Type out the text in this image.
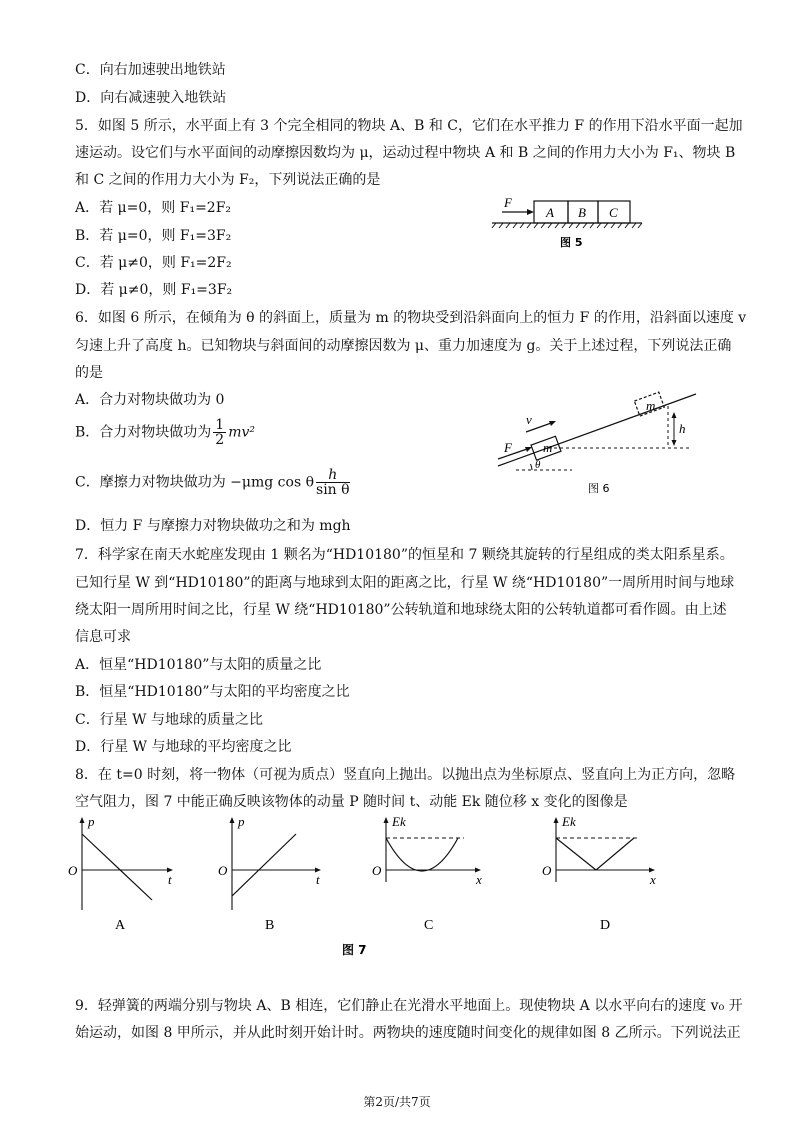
C．向右加速驶出地铁站
D．向右减速驶入地铁站
5．如图 5 所示，水平面上有 3 个完全相同的物块 A、B 和 C，它们在水平推力 F 的作用下沿水平面一起加
速运动。设它们与水平面间的动摩擦因数均为 μ，运动过程中物块 A 和 B 之间的作用力大小为 F₁、物块 B
和 C 之间的作用力大小为 F₂，下列说法正确的是
A．若 μ=0，则 F₁=2F₂
B．若 μ=0，则 F₁=3F₂
C．若 μ≠0，则 F₁=2F₂
D．若 μ≠0，则 F₁=3F₂
6．如图 6 所示，在倾角为 θ 的斜面上，质量为 m 的物块受到沿斜面向上的恒力 F 的作用，沿斜面以速度 v
匀速上升了高度 h。已知物块与斜面间的动摩擦因数为 μ、重力加速度为 g。关于上述过程，下列说法正确
的是
A．合力对物块做功为 0
B．合力对物块做功为 $\frac{1}{2} mv^2$
C．摩擦力对物块做功为 −μmg cos θ $\frac{h}{\text{sin θ}}$
D．恒力 F 与摩擦力对物块做功之和为 mgh
7．科学家在南天水蛇座发现由 1 颗名为“HD10180”的恒星和 7 颗绕其旋转的行星组成的类太阳系星系。
已知行星 W 到“HD10180”的距离与地球到太阳的距离之比，行星 W 绕“HD10180”一周所用时间与地球
绕太阳一周所用时间之比，行星 W 绕“HD10180”公转轨道和地球绕太阳的公转轨道都可看作圆。由上述
信息可求
A．恒星“HD10180”与太阳的质量之比
B．恒星“HD10180”与太阳的平均密度之比
C．行星 W 与地球的质量之比
D．行星 W 与地球的平均密度之比
8．在 t=0 时刻，将一物体（可视为质点）竖直向上抛出。以抛出点为坐标原点、竖直向上为正方向，忽略
空气阻力，图 7 中能正确反映该物体的动量 P 随时间 t、动能 Ek 随位移 x 变化的图像是
9．轻弹簧的两端分别与物块 A、B 相连，它们静止在光滑水平地面上。现使物块 A 以水平向右的速度 v₀ 开
始运动，如图 8 甲所示，并从此时刻开始计时。两物块的速度随时间变化的规律如图 8 乙所示。下列说法正
F
A B C
图 5
θ
m
m
h
F
v
图 6
p
t
O
A
p
t
O
B
Ek
x
O
C
Ek
x
O
D
图 7
第2页/共7页
